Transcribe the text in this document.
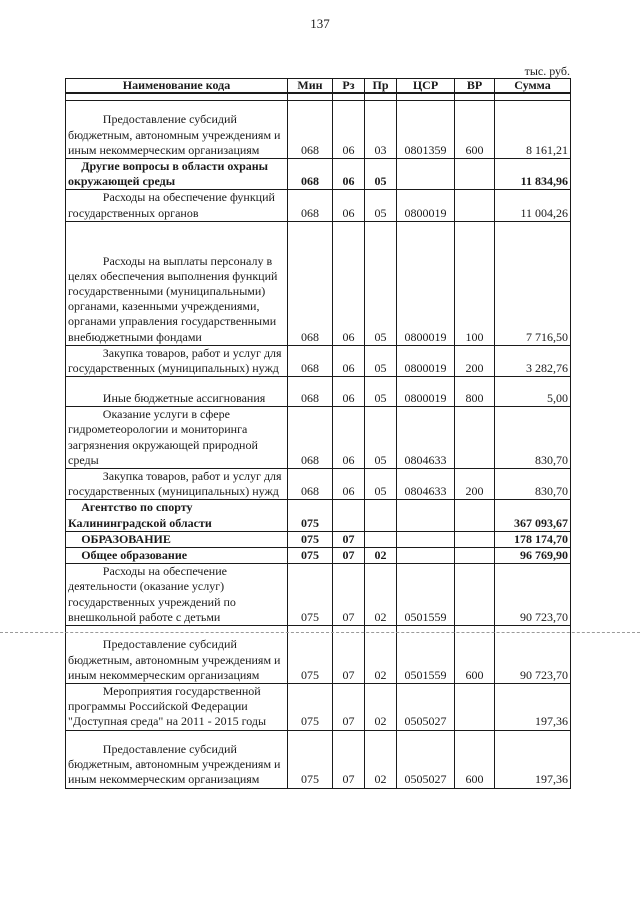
137
тыс. руб.
Наименование кода	Мин	Рз	Пр	ЦСР	ВР	Сумма

Предоставление субсидий бюджетным, автономным учреждениям и иным некоммерческим организациям	068	06	03	0801359	600	8 161,21
Другие вопросы в области охраны окружающей среды	068	06	05			11 834,96
Расходы на обеспечение функций государственных органов	068	06	05	0800019		11 004,26
Расходы на выплаты персоналу в целях обеспечения выполнения функций государственными (муниципальными) органами, казенными учреждениями, органами управления государственными внебюджетными фондами	068	06	05	0800019	100	7 716,50
Закупка товаров, работ и услуг для государственных (муниципальных) нужд	068	06	05	0800019	200	3 282,76
Иные бюджетные ассигнования	068	06	05	0800019	800	5,00
Оказание услуги в сфере гидрометеорологии и мониторинга загрязнения окружающей природной среды	068	06	05	0804633		830,70
Закупка товаров, работ и услуг для государственных (муниципальных) нужд	068	06	05	0804633	200	830,70
Агентство по спорту Калининградской области	075					367 093,67
ОБРАЗОВАНИЕ	075	07				178 174,70
Общее образование	075	07	02			96 769,90
Расходы на обеспечение деятельности (оказание услуг) государственных учреждений по внешкольной работе с детьми	075	07	02	0501559		90 723,70
Предоставление субсидий бюджетным, автономным учреждениям и иным некоммерческим организациям	075	07	02	0501559	600	90 723,70
Мероприятия государственной программы Российской Федерации "Доступная среда" на 2011 - 2015 годы	075	07	02	0505027		197,36
Предоставление субсидий бюджетным, автономным учреждениям и иным некоммерческим организациям	075	07	02	0505027	600	197,36
